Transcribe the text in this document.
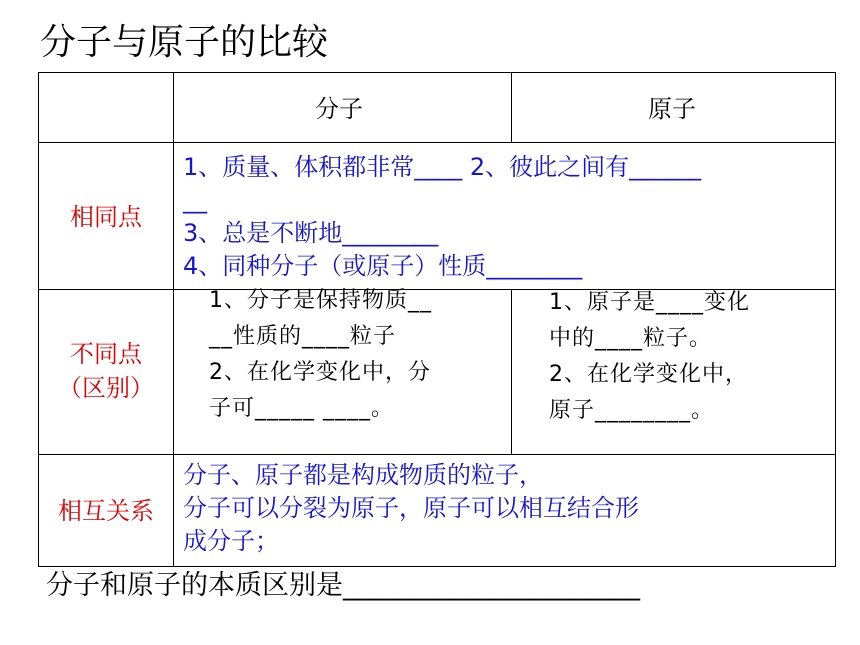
分子与原子的比较
分子	原子
相同点
1、质量、体积都非常____ 2、彼此之间有______
__
3、总是不断地________
4、同种分子（或原子）性质________
不同点
（区别）
1、分子是保持物质__
__性质的____粒子
2、在化学变化中，分
子可_____ ____。
1、原子是____变化
中的____粒子。
2、在化学变化中，
原子________。
相互关系
分子、原子都是构成物质的粒子，
分子可以分裂为原子，原子可以相互结合形
成分子；
分子和原子的本质区别是______________________
